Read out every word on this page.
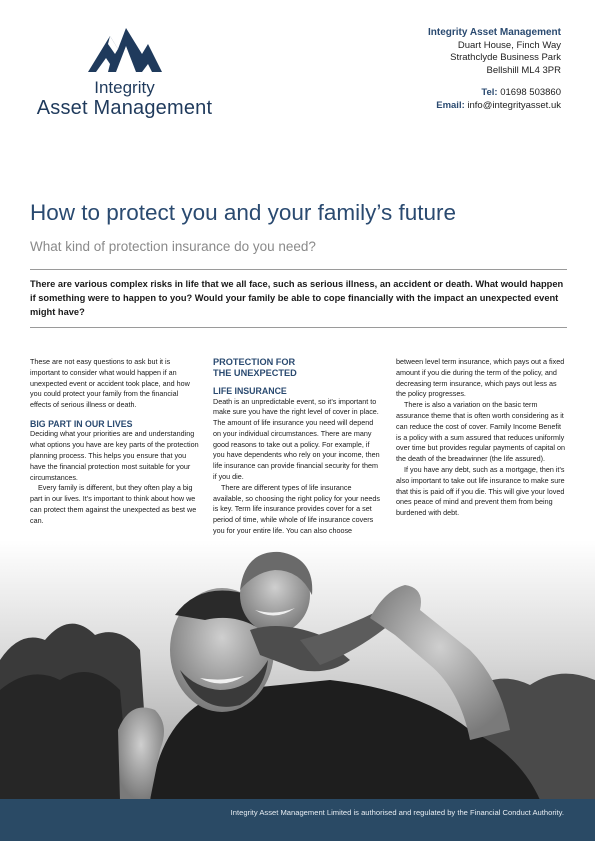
Integrity
Asset Management
Integrity Asset Management
Duart House, Finch Way
Strathclyde Business Park
Bellshill ML4 3PR
Tel: 01698 503860
Email: info@integrityasset.uk
How to protect you and your family’s future
What kind of protection insurance do you need?
There are various complex risks in life that we all face, such as serious illness, an accident or death. What would happen if something were to happen to you? Would your family be able to cope financially with the impact an unexpected event might have?

These are not easy questions to ask but it is important to consider what would happen if an unexpected event or accident took place, and how you could protect your family from the financial effects of serious illness or death.

BIG PART IN OUR LIVES

Deciding what your priorities are and understanding what options you have are key parts of the protection planning process. This helps you ensure that you have the financial protection most suitable for your circumstances.

Every family is different, but they often play a big part in our lives. It’s important to think about how we can protect them against the unexpected as best we can.

PROTECTION FOR

THE UNEXPECTED

LIFE INSURANCE

Death is an unpredictable event, so it’s important to make sure you have the right level of cover in place. The amount of life insurance you need will depend on your individual circumstances. There are many good reasons to take out a policy. For example, if you have dependents who rely on your income, then life insurance can provide financial security for them if you die.

There are different types of life insurance available, so choosing the right policy for your needs is key. Term life insurance provides cover for a set period of time, while whole of life insurance covers you for your entire life. You can also choose

between level term insurance, which pays out a fixed amount if you die during the term of the policy, and decreasing term insurance, which pays out less as the policy progresses.

There is also a variation on the basic term assurance theme that is often worth considering as it can reduce the cost of cover. Family Income Benefit is a policy with a sum assured that reduces uniformly over time but provides regular payments of capital on the death of the breadwinner (the life assured).

If you have any debt, such as a mortgage, then it’s also important to take out life insurance to make sure that this is paid off if you die. This will give your loved ones peace of mind and prevent them from being burdened with debt.

Integrity Asset Management Limited is authorised and regulated by the Financial Conduct Authority.
